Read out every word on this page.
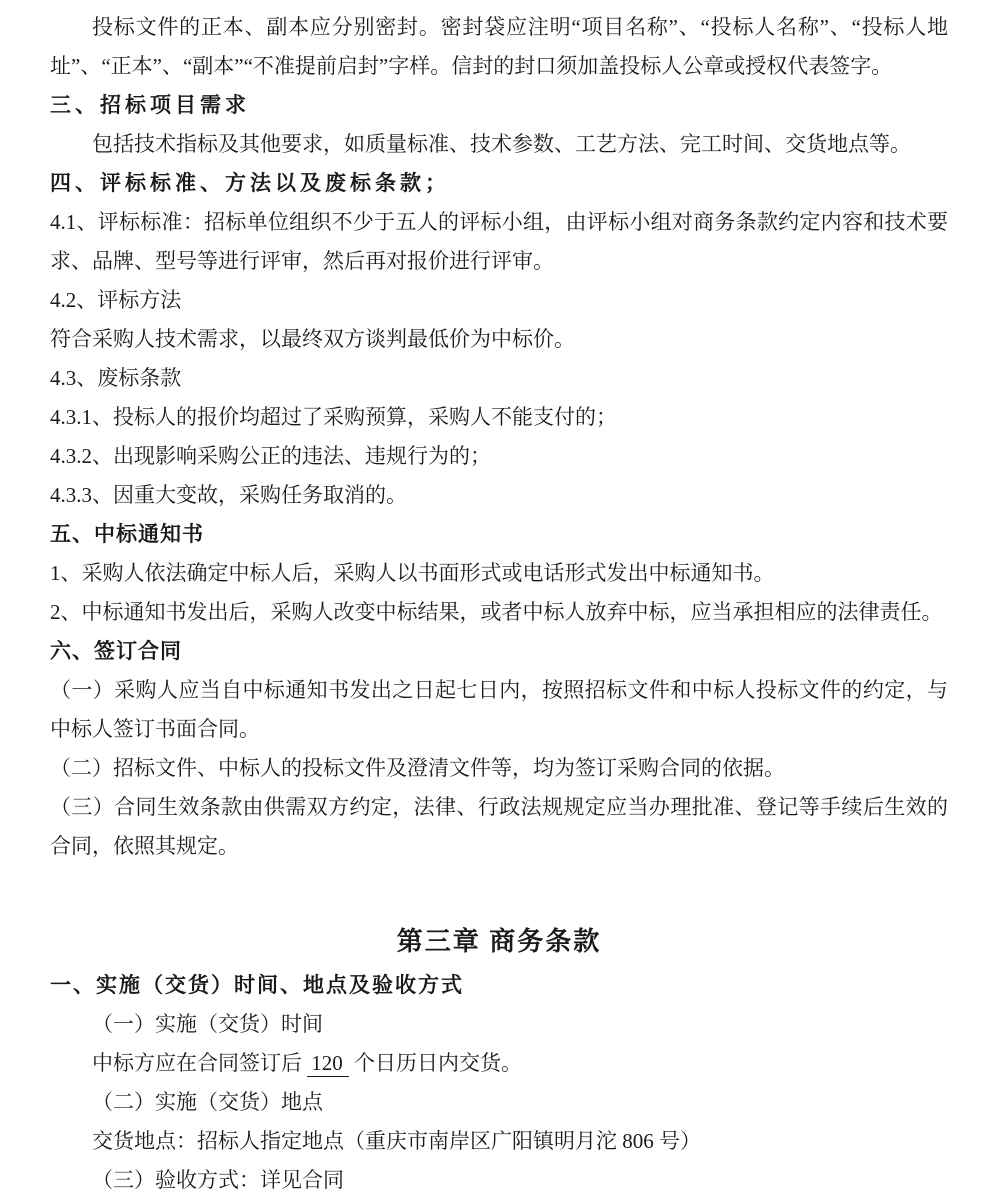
投标文件的正本、副本应分别密封。密封袋应注明“项目名称”、“投标人名称”、“投标人地址”、“正本”、“副本”“不准提前启封”字样。信封的封口须加盖投标人公章或授权代表签字。

三、招标项目需求

包括技术指标及其他要求，如质量标准、技术参数、工艺方法、完工时间、交货地点等。

四、评标标准、方法以及废标条款；

4.1、评标标准：招标单位组织不少于五人的评标小组，由评标小组对商务条款约定内容和技术要求、品牌、型号等进行评审，然后再对报价进行评审。

4.2、评标方法

符合采购人技术需求，以最终双方谈判最低价为中标价。

4.3、废标条款

4.3.1、投标人的报价均超过了采购预算，采购人不能支付的；

4.3.2、出现影响采购公正的违法、违规行为的；

4.3.3、因重大变故，采购任务取消的。

五、中标通知书

1、采购人依法确定中标人后，采购人以书面形式或电话形式发出中标通知书。

2、中标通知书发出后，采购人改变中标结果，或者中标人放弃中标，应当承担相应的法律责任。

六、签订合同

（一）采购人应当自中标通知书发出之日起七日内，按照招标文件和中标人投标文件的约定，与中标人签订书面合同。

（二）招标文件、中标人的投标文件及澄清文件等，均为签订采购合同的依据。

（三）合同生效条款由供需双方约定，法律、行政法规规定应当办理批准、登记等手续后生效的合同，依照其规定。

第三章 商务条款

一、实施（交货）时间、地点及验收方式

（一）实施（交货）时间

中标方应在合同签订后 120 个日历日内交货。

（二）实施（交货）地点

交货地点：招标人指定地点（重庆市南岸区广阳镇明月沱 806 号）

（三）验收方式：详见合同
